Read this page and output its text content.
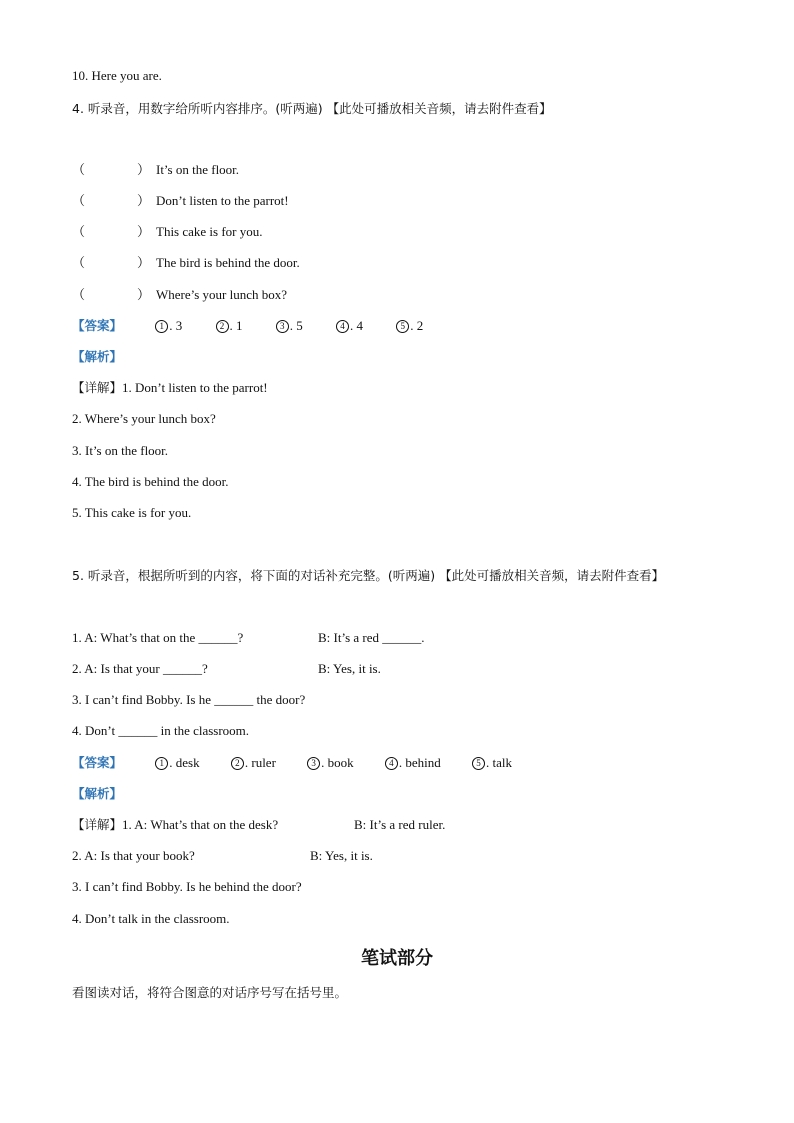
10. Here you are.
4. 听录音，用数字给所听内容排序。(听两遍) 【此处可播放相关音频，请去附件查看】
（	） It’s on the floor.
（	） Don’t listen to the parrot!
（	） This cake is for you.
（	） The bird is behind the door.
（	） Where’s your lunch box?
【答案】	1 . 3	2 . 1	3 . 5	4 . 4	5 . 2
【解析】
【详解】1. Don’t listen to the parrot!
2. Where’s your lunch box?
3. It’s on the floor.
4. The bird is behind the door.
5. This cake is for you.
5. 听录音，根据所听到的内容，将下面的对话补充完整。(听两遍) 【此处可播放相关音频，请去附件查看】
1. A: What’s that on the ______?	B: It’s a red ______.
2. A: Is that your ______?	B: Yes, it is.
3. I can’t find Bobby. Is he ______ the door?
4. Don’t ______ in the classroom.
【答案】	1 . desk	2 . ruler	3 . book	4 . behind	5 . talk
【解析】
【详解】1. A: What’s that on the desk?	B: It’s a red ruler.
2. A: Is that your book?	B: Yes, it is.
3. I can’t find Bobby. Is he behind the door?
4. Don’t talk in the classroom.
笔试部分
看图读对话，将符合图意的对话序号写在括号里。
